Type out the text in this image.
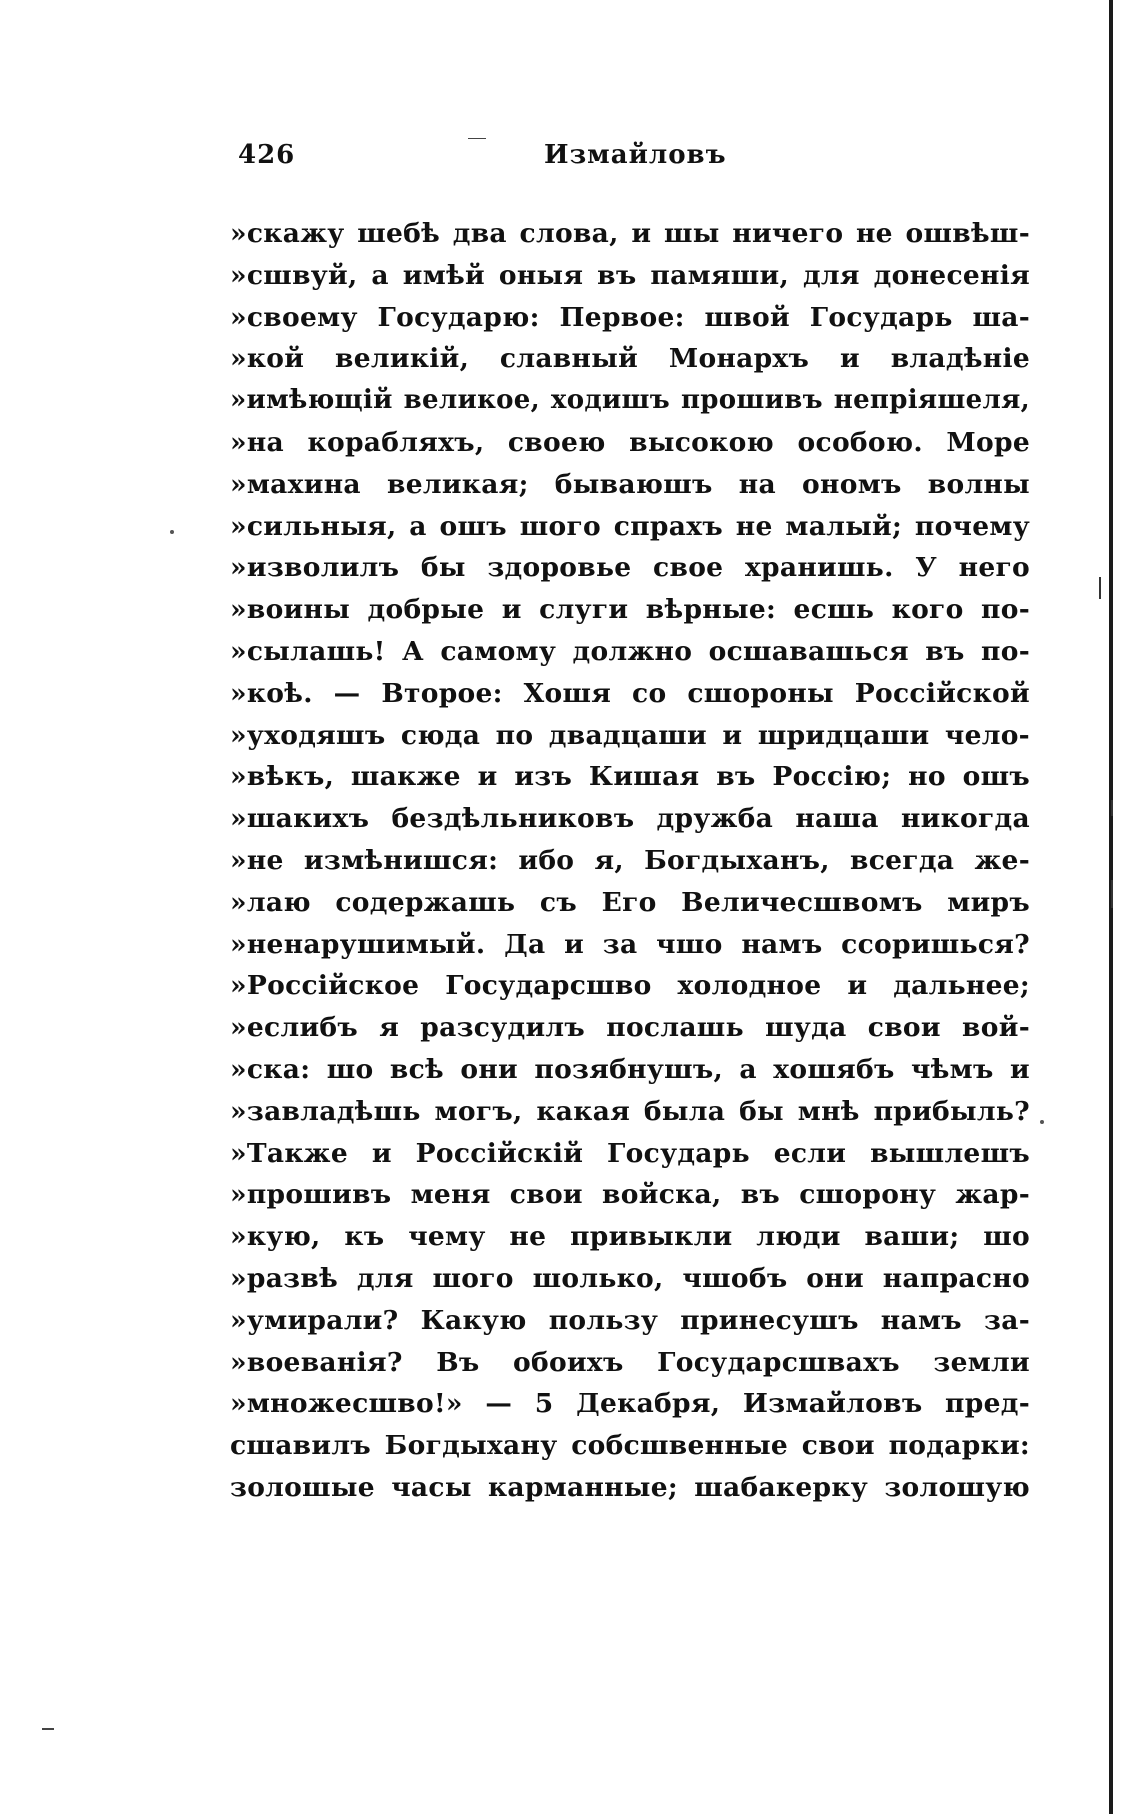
426	Измайловъ
»скажу шебѣ два слова, и шы ничего не ошвѣш-
»сшвуй, а имѣй оныя въ памяши, для донесенія
»своему Государю: Первое: швой Государь ша-
»кой великій, славный Монархъ и владѣніе
»имѣющій великое, ходишъ прошивъ непріяшеля,
»на корабляхъ, своею высокою особою. Море
»махина великая; бываюшъ на ономъ волны
»сильныя, а ошъ шого спрахъ не малый; почему
»изволилъ бы здоровье свое хранишь. У него
»воины добрые и слуги вѣрные: есшь кого по-
»сылашь! А самому должно осшавашься въ по-
»коѣ. — Второе: Хошя со сшороны Россійской
»уходяшъ сюда по двадцаши и шридцаши чело-
»вѣкъ, шакже и изъ Кишая въ Россію; но ошъ
»шакихъ бездѣльниковъ дружба наша никогда
»не измѣнишся: ибо я, Богдыханъ, всегда же-
»лаю содержашь съ Его Величесшвомъ миръ
»ненарушимый. Да и за чшо намъ ссоришься?
»Россійское Государсшво холодное и дальнее;
»еслибъ я разсудилъ послашь шуда свои вой-
»ска: шо всѣ они позябнушъ, а хошябъ чѣмъ и
»завладѣшь могъ, какая была бы мнѣ прибыль?
»Также и Россійскій Государь если вышлешъ
»прошивъ меня свои войска, въ сшорону жар-
»кую, къ чему не привыкли люди ваши; шо
»развѣ для шого шолько, чшобъ они напрасно
»умирали? Какую пользу принесушъ намъ за-
»воеванія? Въ обоихъ Государсшвахъ земли
»множесшво!» — 5 Декабря, Измайловъ пред-
сшавилъ Богдыхану собсшвенные свои подарки:
золошые часы карманные; шабакерку золошую
